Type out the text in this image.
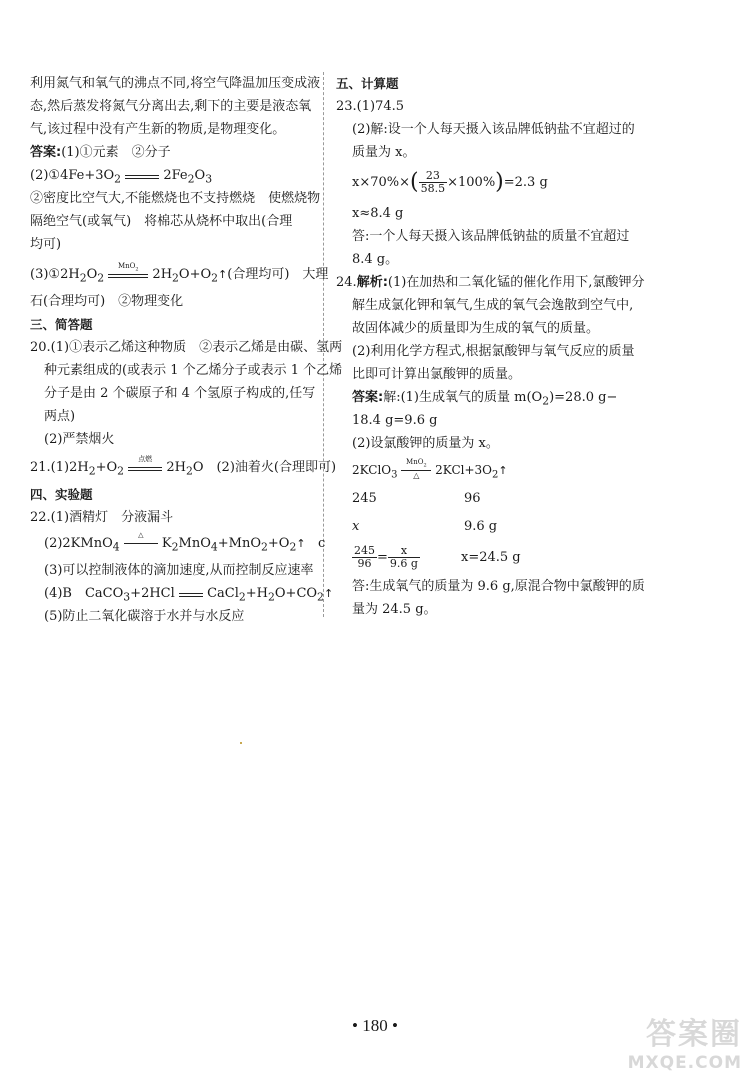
利用氮气和氧气的沸点不同,将空气降温加压变成液
态,然后蒸发将氮气分离出去,剩下的主要是液态氧
气,该过程中没有产生新的物质,是物理变化。
答案:(1)①元素　②分子
$(2)①4Fe+3O_2$	$2Fe_2O_3$
②密度比空气大,不能燃烧也不支持燃烧　使燃烧物
隔绝空气(或氧气)　将棉芯从烧杯中取出(合理
均可)
$(3)①2H_2O_2$
MnO$_2$	$2H_2O+O_2↑$(合理均可)　大理
石(合理均可)　②物理变化
三、简答题
20.(1)①表示乙烯这种物质　②表示乙烯是由碳、氢两
种元素组成的(或表示 1 个乙烯分子或表示 1 个乙烯
分子是由 2 个碳原子和 4 个氢原子构成的,任写
两点)
(2)严禁烟火
$21.(1)2H_2+O_2$
点燃
$2H_2O$　(2)油着火(合理即可)
四、实验题
22.(1)酒精灯　分液漏斗
(2)2KMnO$_4$
△
$K_2MnO_4+MnO_2+O_2↑$ c
(3)可以控制液体的滴加速度,从而控制反应速率
(4)B　CaCO$_3$+2HCl $CaCl_2+H_2O+CO_2↑$
(5)防止二氧化碳溶于水并与水反应
五、计算题
23.(1)74.5
(2)解:设一个人每天摄入该品牌低钠盐不宜超过的
质量为 x。
$x\times 70\%\times( \frac{23}{58.5} \times 100\%)=2.3$ g
x≈8.4 g
答:一个人每天摄入该品牌低钠盐的质量不宜超过
8.4 g。
24.解析:(1)在加热和二氧化锰的催化作用下,氯酸钾分
解生成氯化钾和氧气,生成的氧气会逸散到空气中,
故固体减少的质量即为生成的氧气的质量。
(2)利用化学方程式,根据氯酸钾与氧气反应的质量
比即可计算出氯酸钾的质量。
答案:解:(1)生成氧气的质量 $m(O_2)=28.0$ g−
18.4 g=9.6 g
(2)设氯酸钾的质量为 x。
2KClO$_3$
MnO$_2$
△	$2KCl+3O_2↑$
245	96
x	9.6 g
$\frac{245}{96} = \frac{x}{9.6 g}$	x=24.5 g
答:生成氧气的质量为 9.6 g,原混合物中氯酸钾的质
量为 24.5 g。
• 180 •	答案圈
MXQE.COM
